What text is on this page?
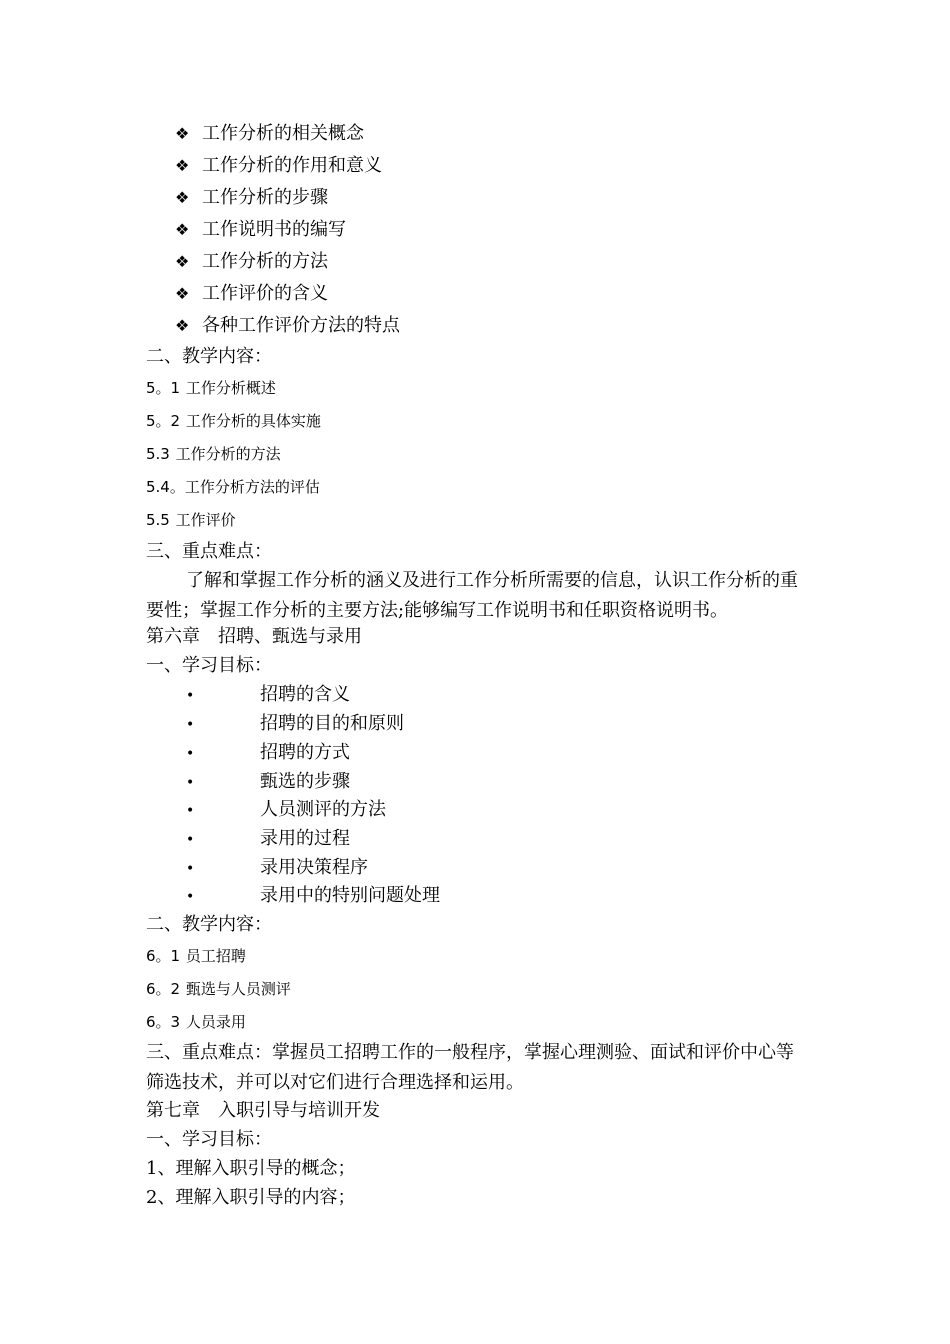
❖ 工作分析的相关概念
❖ 工作分析的作用和意义
❖ 工作分析的步骤
❖ 工作说明书的编写
❖ 工作分析的方法
❖ 工作评价的含义
❖ 各种工作评价方法的特点
二、教学内容：
5。1 工作分析概述
5。2 工作分析的具体实施
5.3 工作分析的方法
5.4。工作分析方法的评估
5.5 工作评价
三、重点难点：
了解和掌握工作分析的涵义及进行工作分析所需要的信息，认识工作分析的重要性；掌握工作分析的主要方法;能够编写工作说明书和任职资格说明书。
第六章　招聘、甄选与录用
一、学习目标：
•	招聘的含义
•	招聘的目的和原则
•	招聘的方式
•	甄选的步骤
•	人员测评的方法
•	录用的过程
•	录用决策程序
•	录用中的特别问题处理
二、教学内容：
6。1 员工招聘
6。2 甄选与人员测评
6。3 人员录用
三、重点难点：掌握员工招聘工作的一般程序，掌握心理测验、面试和评价中心等筛选技术，并可以对它们进行合理选择和运用。
第七章　入职引导与培训开发
一、学习目标：
1、理解入职引导的概念；
2、理解入职引导的内容；
